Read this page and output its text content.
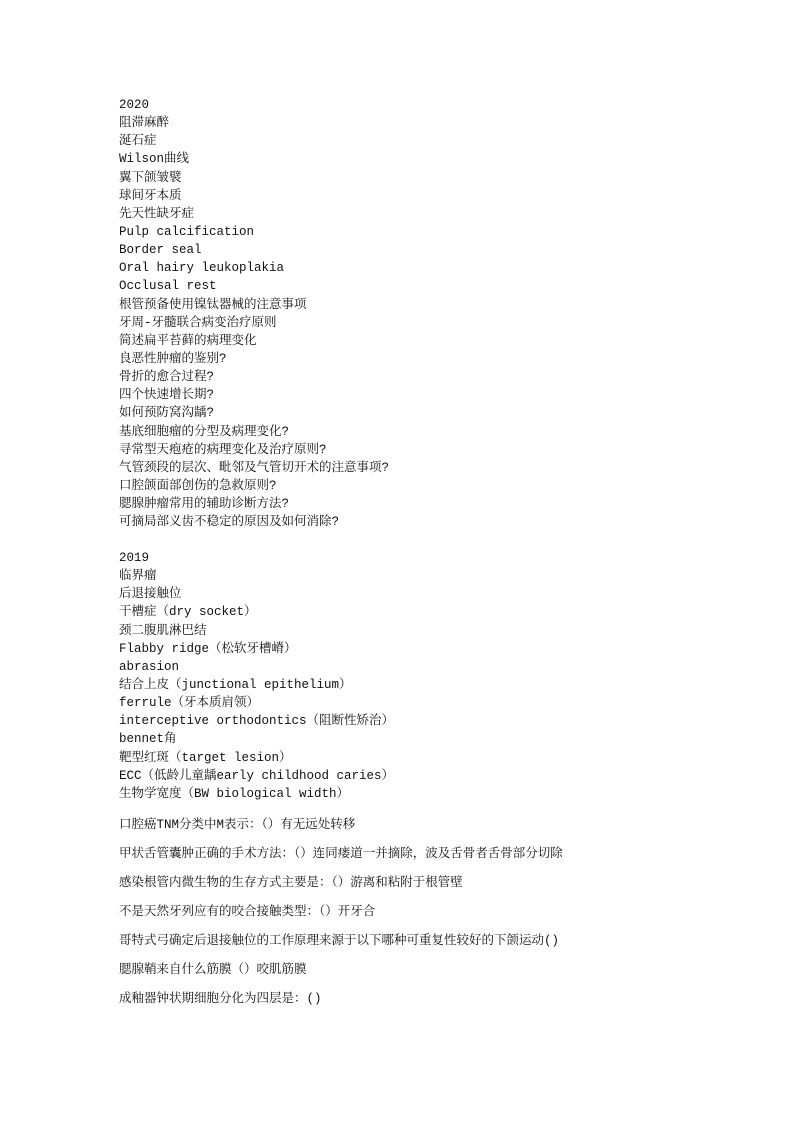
2020
阻滞麻醉
涎石症
Wilson曲线
翼下颌皱襞
球间牙本质
先天性缺牙症
Pulp calcification
Border seal
Oral hairy leukoplakia
Occlusal rest
根管预备使用镍钛器械的注意事项
牙周-牙髓联合病变治疗原则
简述扁平苔藓的病理变化
良恶性肿瘤的鉴别?
骨折的愈合过程?
四个快速增长期?
如何预防窝沟龋?
基底细胞瘤的分型及病理变化?
寻常型天疱疮的病理变化及治疗原则?
气管颈段的层次、毗邻及气管切开术的注意事项?
口腔颌面部创伤的急救原则?
腮腺肿瘤常用的辅助诊断方法?
可摘局部义齿不稳定的原因及如何消除?
2019
临界瘤
后退接触位
干槽症（dry socket）
颈二腹肌淋巴结
Flabby ridge（松软牙槽嵴）
abrasion
结合上皮（junctional epithelium）
ferrule（牙本质肩领）
interceptive orthodontics（阻断性矫治）
bennet角
靶型红斑（target lesion）
ECC（低龄儿童龋early childhood caries）
生物学宽度（BW biological width）
口腔癌TNM分类中M表示：（）有无远处转移
甲状舌管囊肿正确的手术方法：（）连同瘘道一并摘除，波及舌骨者舌骨部分切除
感染根管内微生物的生存方式主要是：（）游离和粘附于根管壁
不是天然牙列应有的咬合接触类型：（）开牙合
哥特式弓确定后退接触位的工作原理来源于以下哪种可重复性较好的下颌运动()
腮腺鞘来自什么筋膜（）咬肌筋膜
成釉器钟状期细胞分化为四层是：()
